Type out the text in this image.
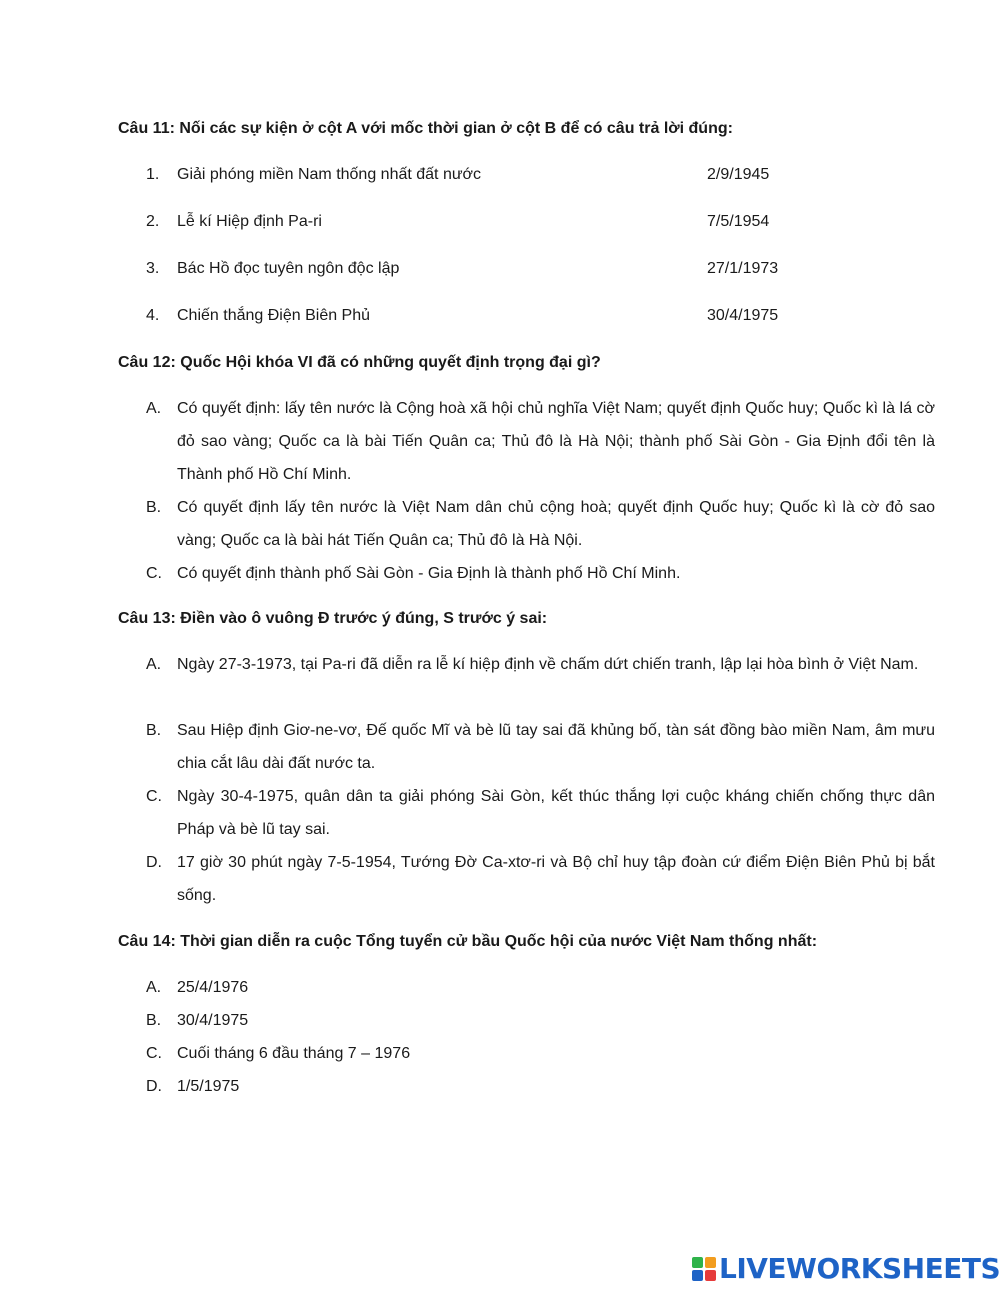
Câu 11: Nối các sự kiện ở cột A với mốc thời gian ở cột B để có câu trả lời đúng:
1.	Giải phóng miền Nam thống nhất đất nước	2/9/1945
2.	Lễ kí Hiệp định Pa-ri	7/5/1954
3.	Bác Hồ đọc tuyên ngôn độc lập	27/1/1973
4.	Chiến thắng Điện Biên Phủ	30/4/1975
Câu 12: Quốc Hội khóa VI đã có những quyết định trọng đại gì?
A. Có quyết định: lấy tên nước là Cộng hoà xã hội chủ nghĩa Việt Nam; quyết định Quốc huy; Quốc kì là lá cờ đỏ sao vàng; Quốc ca là bài Tiến Quân ca; Thủ đô là Hà Nội; thành phố Sài Gòn - Gia Định đổi tên là Thành phố Hồ Chí Minh.
B. Có quyết định lấy tên nước là Việt Nam dân chủ cộng hoà; quyết định Quốc huy; Quốc kì là cờ đỏ sao vàng; Quốc ca là bài hát Tiến Quân ca; Thủ đô là Hà Nội.
C. Có quyết định thành phố Sài Gòn - Gia Định là thành phố Hồ Chí Minh.
Câu 13: Điền vào ô vuông Đ trước ý đúng, S trước ý sai:
A. Ngày 27-3-1973, tại Pa-ri đã diễn ra lễ kí hiệp định về chấm dứt chiến tranh, lập lại hòa bình ở Việt Nam.
B. Sau Hiệp định Giơ-ne-vơ, Đế quốc Mĩ và bè lũ tay sai đã khủng bố, tàn sát đồng bào miền Nam, âm mưu chia cắt lâu dài đất nước ta.
C. Ngày 30-4-1975, quân dân ta giải phóng Sài Gòn, kết thúc thắng lợi cuộc kháng chiến chống thực dân Pháp và bè lũ tay sai.
D. 17 giờ 30 phút ngày 7-5-1954, Tướng Đờ Ca-xtơ-ri và Bộ chỉ huy tập đoàn cứ điểm Điện Biên Phủ bị bắt sống.
Câu 14: Thời gian diễn ra cuộc Tổng tuyển cử bầu Quốc hội của nước Việt Nam thống nhất:
A. 25/4/1976
B. 30/4/1975
C. Cuối tháng 6 đầu tháng 7 – 1976
D. 1/5/1975
LIVEWORKSHEETS
